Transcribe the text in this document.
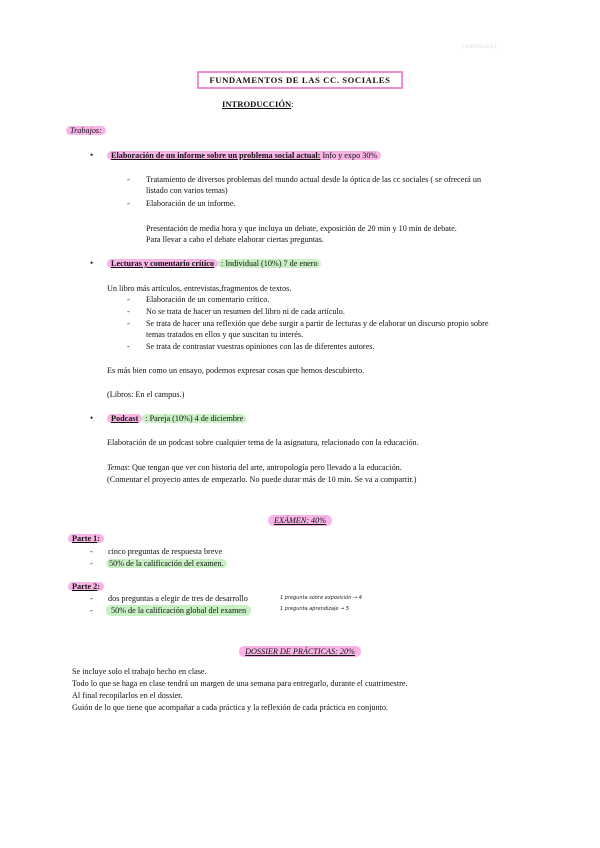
[watermark]
FUNDAMENTOS DE LAS CC. SOCIALES
INTRODUCCIÓN:
Trabajos:
•	Elaboración de un informe sobre un problema social actual: Info y expo 30%
- Tratamiento de diversos problemas del mundo actual desde la óptica de las cc sociales ( se ofrecerá un
listado con varios temas)
- Elaboración de un informe.
Presentación de media hora y que incluya un debate, exposición de 20 min y 10 min de debate.
Para llevar a cabo el debate elaborar ciertas preguntas.
•	Lecturas y comentario crítico : Individual (10%) 7 de enero
Un libro más artículos, entrevistas,fragmentos de textos.
- Elaboración de un comentario crítico.
- No se trata de hacer un resumen del libro ni de cada artículo.
- Se trata de hacer una reflexión que debe surgir a partir de lecturas y de elaborar un discurso propio sobre
temas tratados en ellos y que suscitan tu interés.
- Se trata de contrastar vuestras opiniones con las de diferentes autores.
Es más bien como un ensayo, podemos expresar cosas que hemos descubierto.
(Libros: En el campus.)
•	Podcast : Pareja (10%) 4 de diciembre
Elaboración de un podcast sobre cualquier tema de la asignatura, relacionado con la educación.
Temas: Que tengan que ver con historia del arte, antropología pero llevado a la educación.
(Comentar el proyecto antes de empezarlo. No puede durar más de 10 min. Se va a compartir.)
EXÁMEN: 40%
Parte 1:
- cinco preguntas de respuesta breve
-	50% de la calificación del examen.
Parte 2:
- dos preguntas a elegir de tres de desarrollo	1 pregunta sobre exposición → 4
-	50% de la calificación global del examen	1 pregunta aprendizaje → 5
DOSSIER DE PRÁCTICAS: 20%
Se incluye solo el trabajo hecho en clase.
Todo lo que se haga en clase tendrá un margen de una semana para entregarlo, durante el cuatrimestre.
Al final recopilarlos en el dossier.
Guión de lo que tiene que acompañar a cada práctica y la reflexión de cada práctica en conjunto.
